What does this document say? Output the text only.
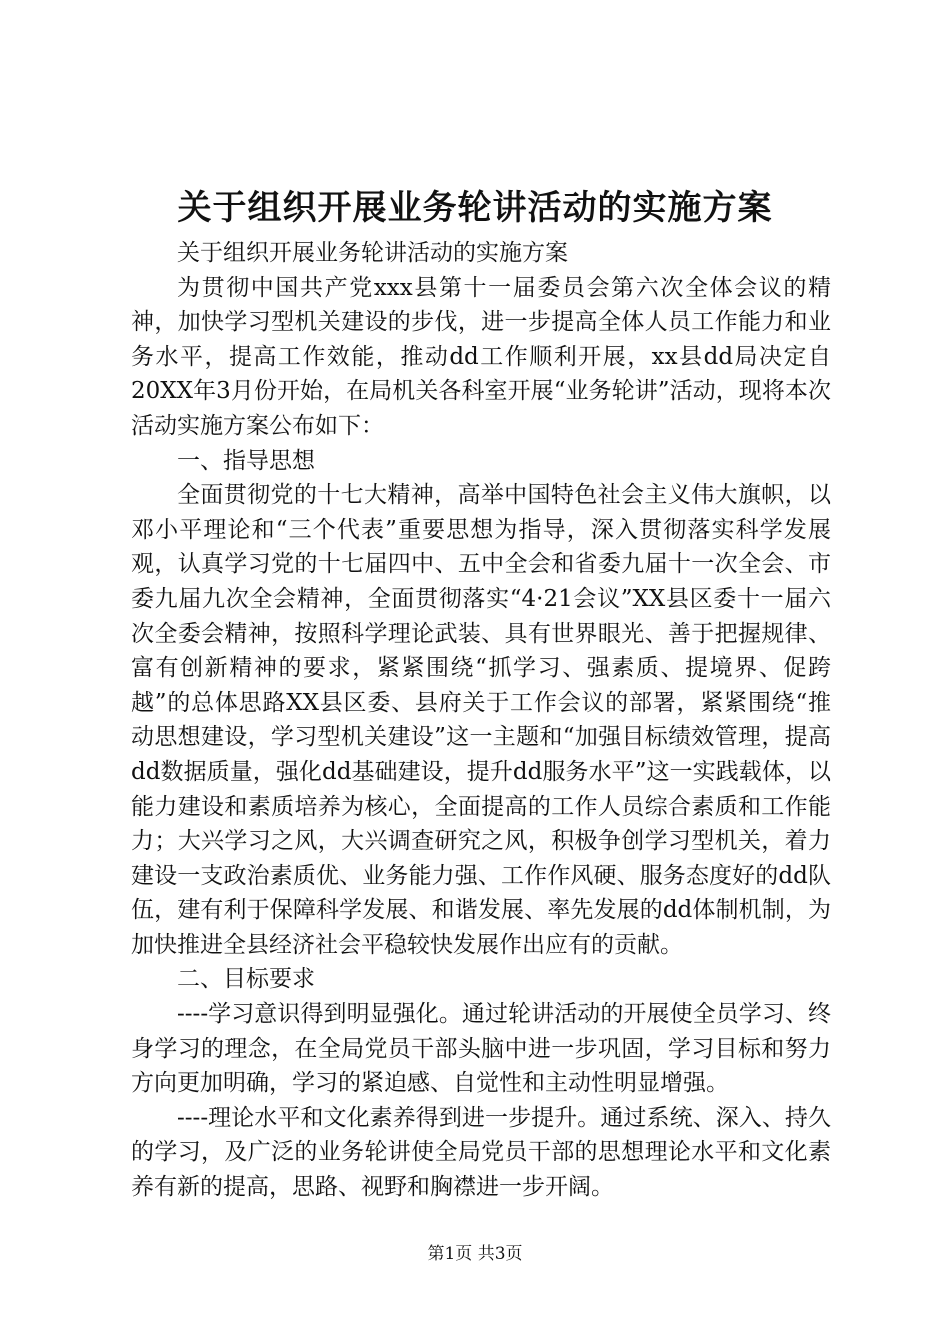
关于组织开展业务轮讲活动的实施方案

关于组织开展业务轮讲活动的实施方案

为贯彻中国共产党xxx县第十一届委员会第六次全体会议的精神，加快学习型机关建设的步伐，进一步提高全体人员工作能力和业务水平，提高工作效能，推动dd工作顺利开展，xx县dd局决定自20XX年3月份开始，在局机关各科室开展“业务轮讲”活动，现将本次活动实施方案公布如下：

一、指导思想

全面贯彻党的十七大精神，高举中国特色社会主义伟大旗帜，以邓小平理论和“三个代表”重要思想为指导，深入贯彻落实科学发展观，认真学习党的十七届四中、五中全会和省委九届十一次全会、市委九届九次全会精神，全面贯彻落实“4·21会议”XX县区委十一届六次全委会精神，按照科学理论武装、具有世界眼光、善于把握规律、富有创新精神的要求，紧紧围绕“抓学习、强素质、提境界、促跨越”的总体思路XX县区委、县府关于工作会议的部署，紧紧围绕“推动思想建设，学习型机关建设”这一主题和“加强目标绩效管理，提高dd数据质量，强化dd基础建设，提升dd服务水平”这一实践载体，以能力建设和素质培养为核心，全面提高的工作人员综合素质和工作能力；大兴学习之风，大兴调查研究之风，积极争创学习型机关，着力建设一支政治素质优、业务能力强、工作作风硬、服务态度好的dd队伍，建有利于保障科学发展、和谐发展、率先发展的dd体制机制，为加快推进全县经济社会平稳较快发展作出应有的贡献。

二、目标要求

----学习意识得到明显强化。通过轮讲活动的开展使全员学习、终身学习的理念，在全局党员干部头脑中进一步巩固，学习目标和努力方向更加明确，学习的紧迫感、自觉性和主动性明显增强。

----理论水平和文化素养得到进一步提升。通过系统、深入、持久的学习，及广泛的业务轮讲使全局党员干部的思想理论水平和文化素养有新的提高，思路、视野和胸襟进一步开阔。

第1页 共3页
